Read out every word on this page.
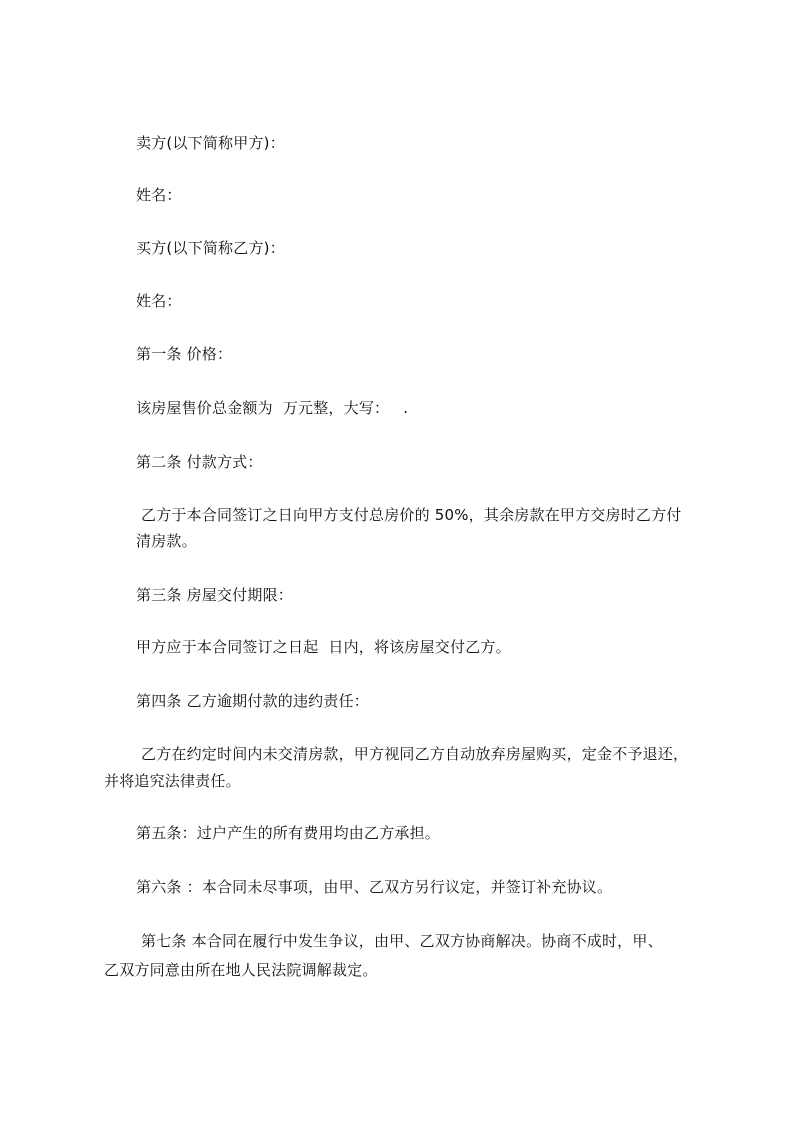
卖方(以下简称甲方)：
姓名：
买方(以下简称乙方)：
姓名：
第一条 价格：
该房屋售价总金额为 万元整，大写： .
第二条 付款方式：
乙方于本合同签订之日向甲方支付总房价的 50%，其余房款在甲方交房时乙方付
清房款。
第三条 房屋交付期限：
甲方应于本合同签订之日起 日内，将该房屋交付乙方。
第四条 乙方逾期付款的违约责任：
乙方在约定时间内未交清房款，甲方视同乙方自动放弃房屋购买，定金不予退还，
并将追究法律责任。
第五条：过户产生的所有费用均由乙方承担。
第六条 ：本合同未尽事项，由甲、乙双方另行议定，并签订补充协议。
第七条 本合同在履行中发生争议，由甲、乙双方协商解决。协商不成时，甲、
乙双方同意由所在地人民法院调解裁定。
